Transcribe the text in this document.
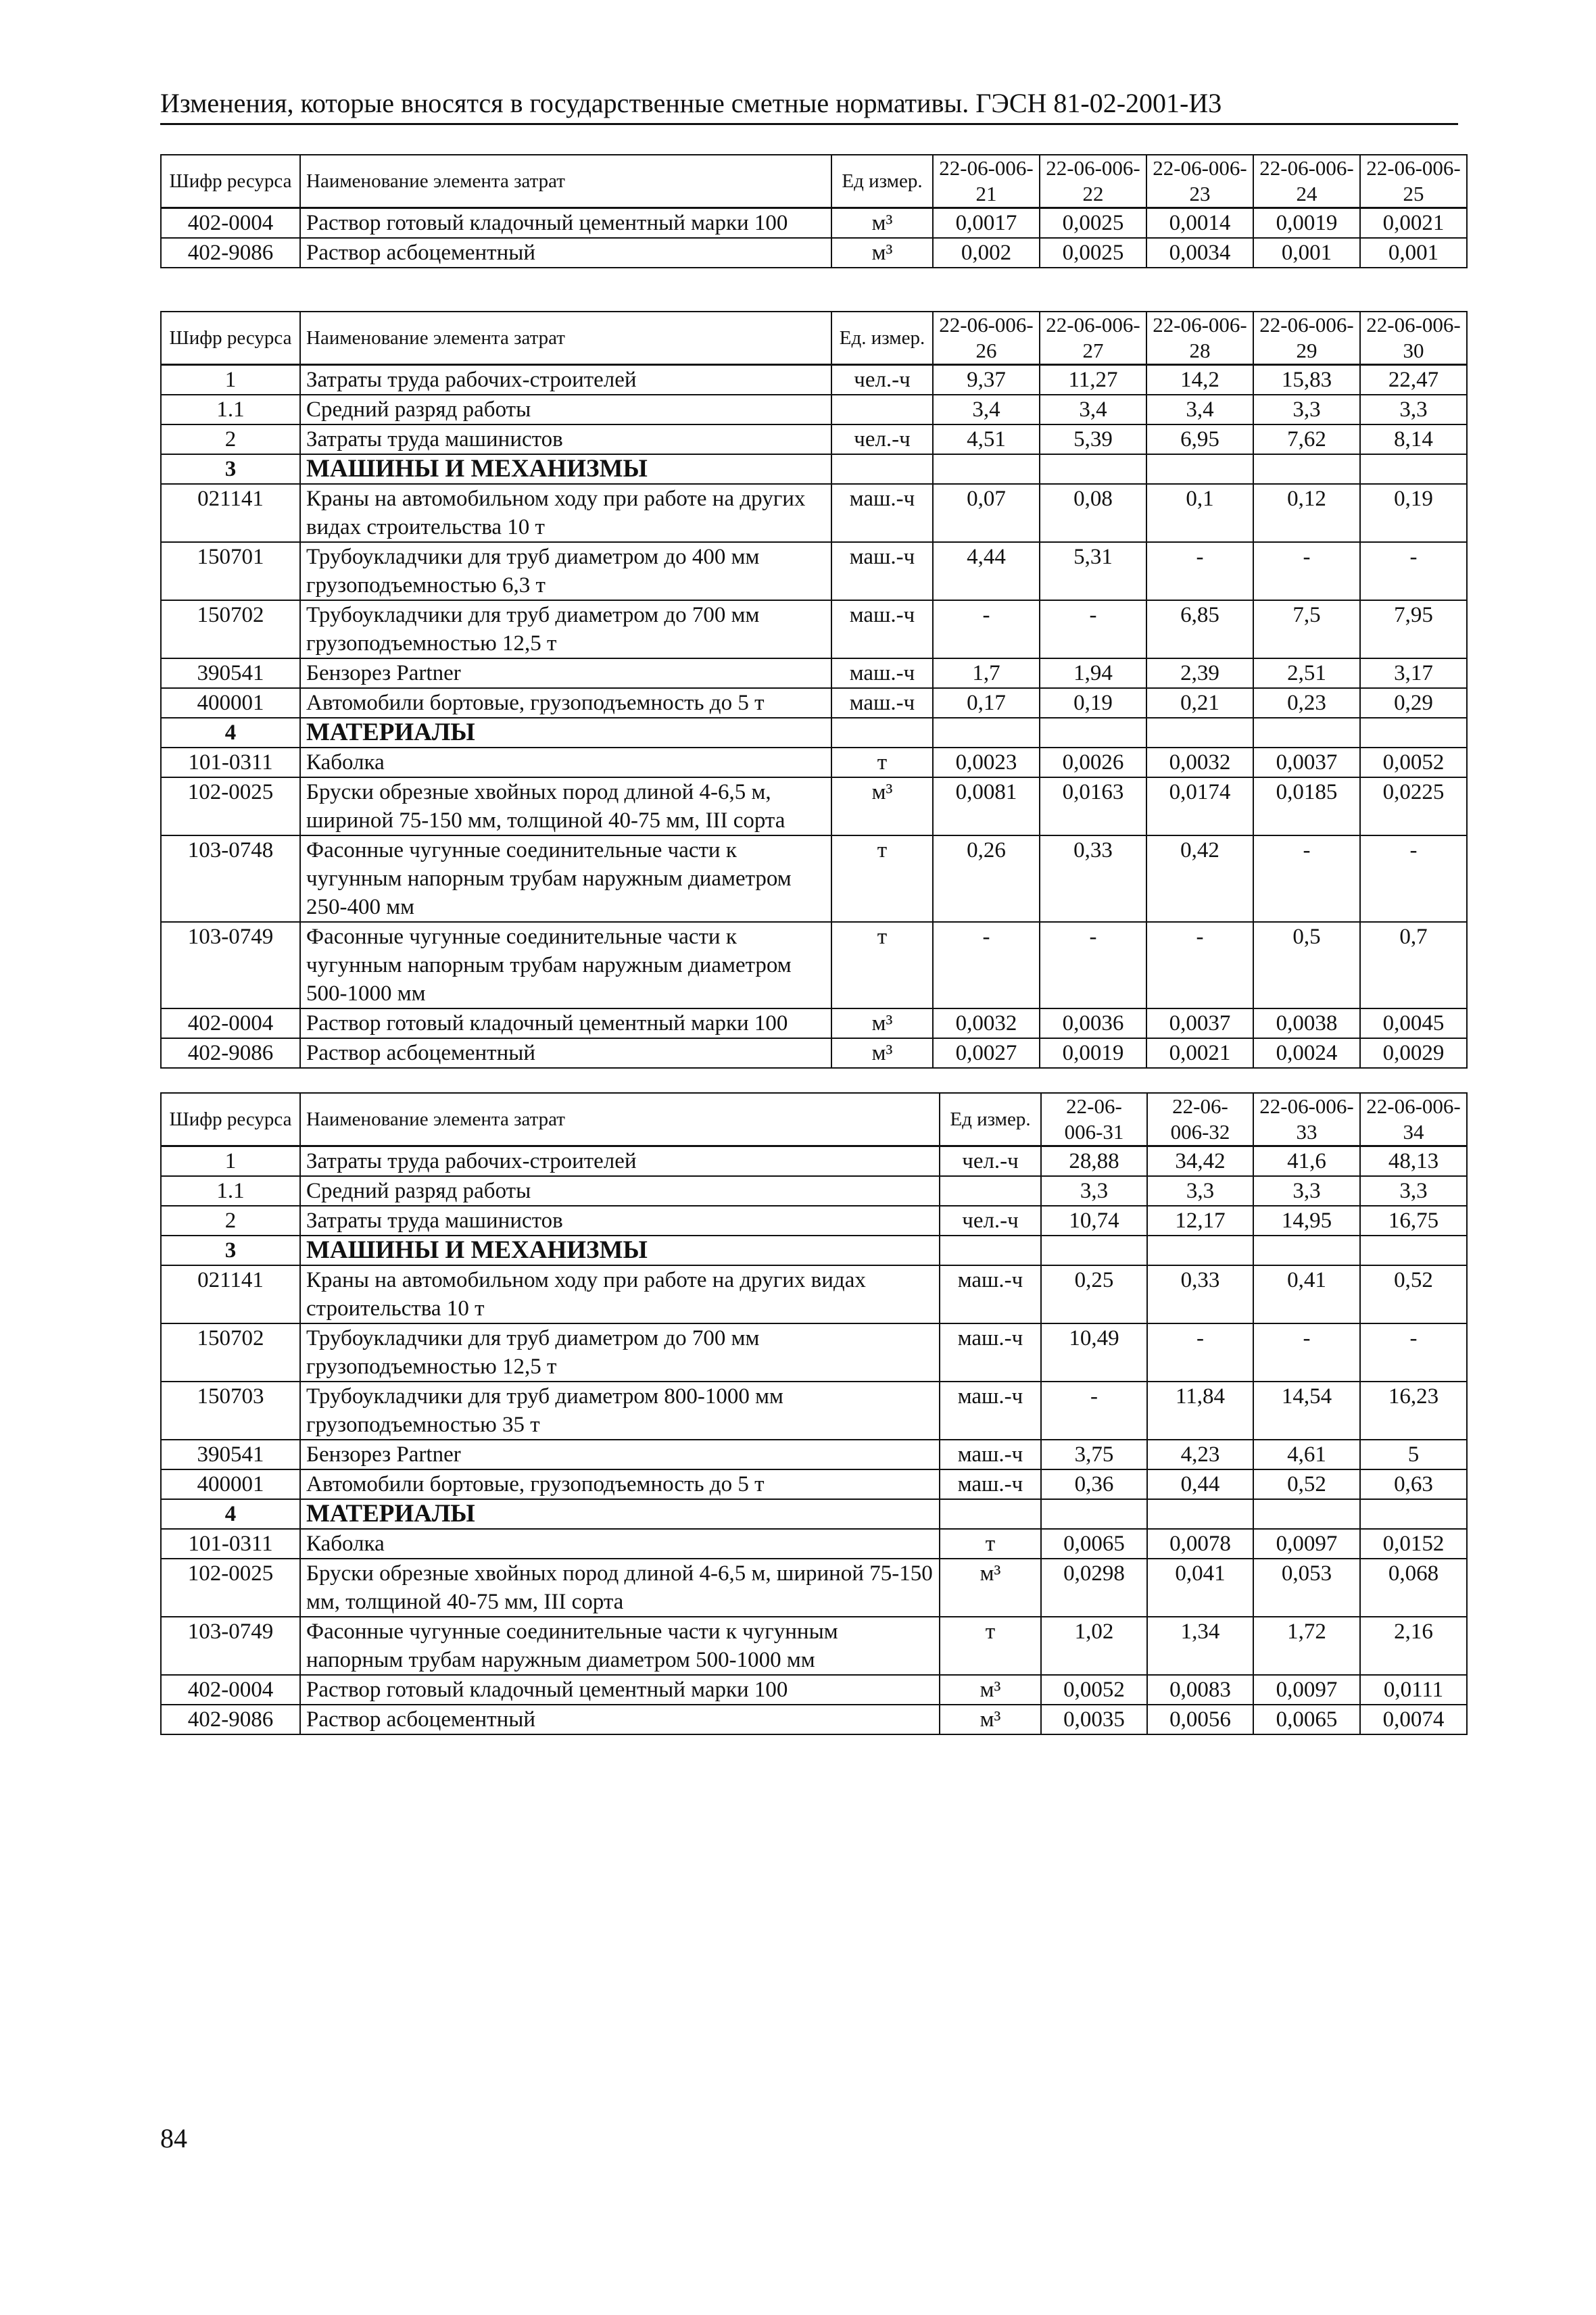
Изменения, которые вносятся в государственные сметные нормативы. ГЭСН 81-02-2001-И3
Шифр ресурса	Наименование элемента затрат	Ед измер.	22-06-006-21	22-06-006-22	22-06-006-23	22-06-006-24	22-06-006-25
402-0004	Раствор готовый кладочный цементный марки 100	м³	0,0017	0,0025	0,0014	0,0019	0,0021
402-9086	Раствор асбоцементный	м³	0,002	0,0025	0,0034	0,001	0,001
Шифр ресурса	Наименование элемента затрат	Ед. измер.	22-06-006-26	22-06-006-27	22-06-006-28	22-06-006-29	22-06-006-30
1	Затраты труда рабочих-строителей	чел.-ч	9,37	11,27	14,2	15,83	22,47
1.1	Средний разряд работы		3,4	3,4	3,4	3,3	3,3
2	Затраты труда машинистов	чел.-ч	4,51	5,39	6,95	7,62	8,14
3	МАШИНЫ И МЕХАНИЗМЫ						
021141	Краны на автомобильном ходу при работе на других видах строительства 10 т	маш.-ч	0,07	0,08	0,1	0,12	0,19
150701	Трубоукладчики для труб диаметром до 400 мм грузоподъемностью 6,3 т	маш.-ч	4,44	5,31	-	-	-
150702	Трубоукладчики для труб диаметром до 700 мм грузоподъемностью 12,5 т	маш.-ч	-	-	6,85	7,5	7,95
390541	Бензорез Partner	маш.-ч	1,7	1,94	2,39	2,51	3,17
400001	Автомобили бортовые, грузоподъемность до 5 т	маш.-ч	0,17	0,19	0,21	0,23	0,29
4	МАТЕРИАЛЫ						
101-0311	Каболка	т	0,0023	0,0026	0,0032	0,0037	0,0052
102-0025	Бруски обрезные хвойных пород длиной 4-6,5 м, шириной 75-150 мм, толщиной 40-75 мм, III сорта	м³	0,0081	0,0163	0,0174	0,0185	0,0225
103-0748	Фасонные чугунные соединительные части к чугунным напорным трубам наружным диаметром 250-400 мм	т	0,26	0,33	0,42	-	-
103-0749	Фасонные чугунные соединительные части к чугунным напорным трубам наружным диаметром 500-1000 мм	т	-	-	-	0,5	0,7
402-0004	Раствор готовый кладочный цементный марки 100	м³	0,0032	0,0036	0,0037	0,0038	0,0045
402-9086	Раствор асбоцементный	м³	0,0027	0,0019	0,0021	0,0024	0,0029
Шифр ресурса	Наименование элемента затрат	Ед измер.	22-06-006-31	22-06-006-32	22-06-006-33	22-06-006-34
1	Затраты труда рабочих-строителей	чел.-ч	28,88	34,42	41,6	48,13
1.1	Средний разряд работы		3,3	3,3	3,3	3,3
2	Затраты труда машинистов	чел.-ч	10,74	12,17	14,95	16,75
3	МАШИНЫ И МЕХАНИЗМЫ					
021141	Краны на автомобильном ходу при работе на других видах строительства 10 т	маш.-ч	0,25	0,33	0,41	0,52
150702	Трубоукладчики для труб диаметром до 700 мм грузоподъемностью 12,5 т	маш.-ч	10,49	-	-	-
150703	Трубоукладчики для труб диаметром 800-1000 мм грузоподъемностью 35 т	маш.-ч	-	11,84	14,54	16,23
390541	Бензорез Partner	маш.-ч	3,75	4,23	4,61	5
400001	Автомобили бортовые, грузоподъемность до 5 т	маш.-ч	0,36	0,44	0,52	0,63
4	МАТЕРИАЛЫ					
101-0311	Каболка	т	0,0065	0,0078	0,0097	0,0152
102-0025	Бруски обрезные хвойных пород длиной 4-6,5 м, шириной 75-150 мм, толщиной 40-75 мм, III сорта	м³	0,0298	0,041	0,053	0,068
103-0749	Фасонные чугунные соединительные части к чугунным напорным трубам наружным диаметром 500-1000 мм	т	1,02	1,34	1,72	2,16
402-0004	Раствор готовый кладочный цементный марки 100	м³	0,0052	0,0083	0,0097	0,0111
402-9086	Раствор асбоцементный	м³	0,0035	0,0056	0,0065	0,0074
84
